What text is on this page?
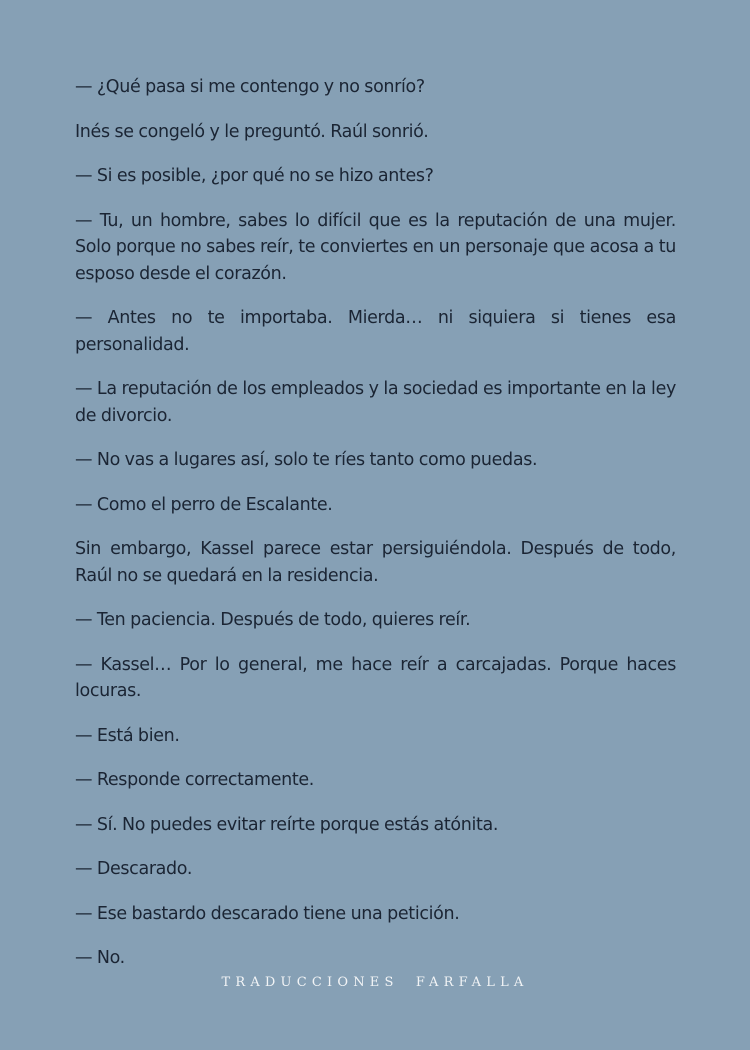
— ¿Qué pasa si me contengo y no sonrío?

Inés se congeló y le preguntó. Raúl sonrió.

— Si es posible, ¿por qué no se hizo antes?

— Tu, un hombre, sabes lo difícil que es la reputación de una mujer. Solo porque no sabes reír, te conviertes en un personaje que acosa a tu esposo desde el corazón.

— Antes no te importaba. Mierda… ni siquiera si tienes esa personalidad.

— La reputación de los empleados y la sociedad es importante en la ley de divorcio.

— No vas a lugares así, solo te ríes tanto como puedas.

— Como el perro de Escalante.

Sin embargo, Kassel parece estar persiguiéndola. Después de todo, Raúl no se quedará en la residencia.

— Ten paciencia. Después de todo, quieres reír.

— Kassel… Por lo general, me hace reír a carcajadas. Porque haces locuras.

— Está bien.

— Responde correctamente.

— Sí. No puedes evitar reírte porque estás atónita.

— Descarado.

— Ese bastardo descarado tiene una petición.

— No.

TRADUCCIONES FARFALLA
